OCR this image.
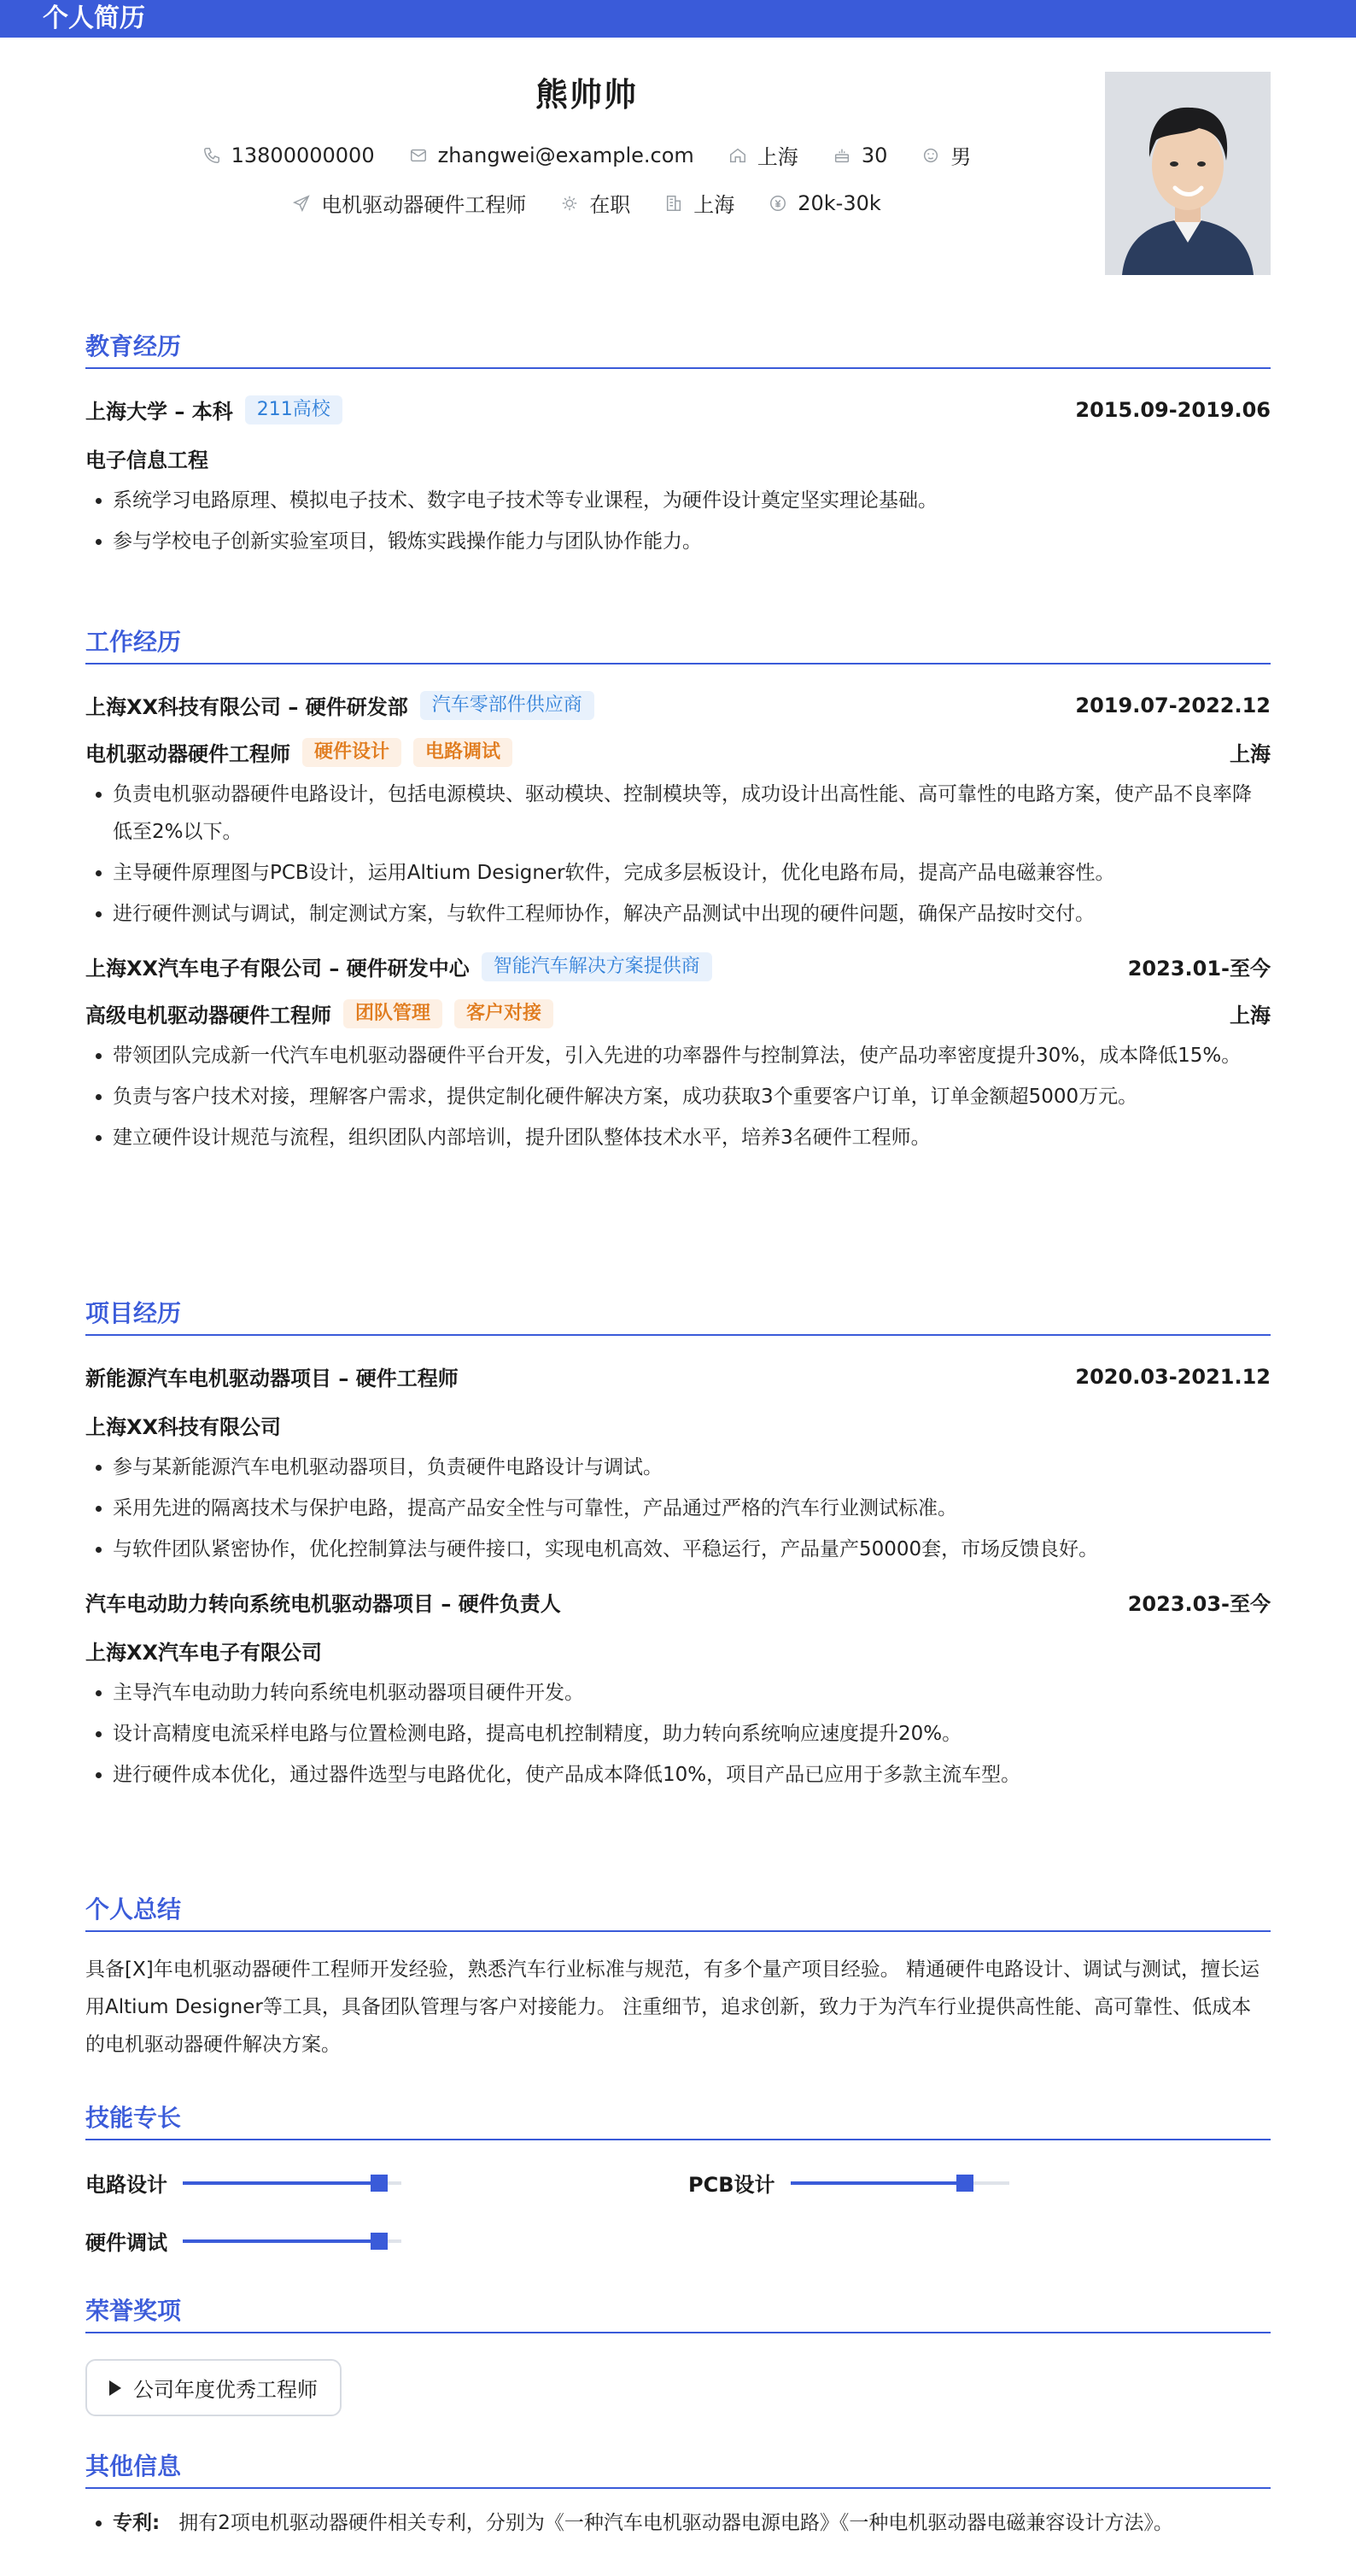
个人简历
熊帅帅
13800000000	zhangwei@example.com	上海	30	男
电机驱动器硬件工程师	在职	上海	20k-30k
教育经历
上海大学 – 本科	211高校	2015.09-2019.06
电子信息工程
• 系统学习电路原理、模拟电子技术、数字电子技术等专业课程，为硬件设计奠定坚实理论基础。
• 参与学校电子创新实验室项目，锻炼实践操作能力与团队协作能力。
工作经历
上海XX科技有限公司 – 硬件研发部	汽车零部件供应商	2019.07-2022.12
电机驱动器硬件工程师	硬件设计	电路调试	上海
• 负责电机驱动器硬件电路设计，包括电源模块、驱动模块、控制模块等，成功设计出高性能、高可靠性的电路方案，使产品不良率降低至2%以下。
• 主导硬件原理图与PCB设计，运用Altium Designer软件，完成多层板设计，优化电路布局，提高产品电磁兼容性。
• 进行硬件测试与调试，制定测试方案，与软件工程师协作，解决产品测试中出现的硬件问题，确保产品按时交付。
上海XX汽车电子有限公司 – 硬件研发中心	智能汽车解决方案提供商	2023.01-至今
高级电机驱动器硬件工程师	团队管理	客户对接	上海
• 带领团队完成新一代汽车电机驱动器硬件平台开发，引入先进的功率器件与控制算法，使产品功率密度提升30%，成本降低15%。
• 负责与客户技术对接，理解客户需求，提供定制化硬件解决方案，成功获取3个重要客户订单，订单金额超5000万元。
• 建立硬件设计规范与流程，组织团队内部培训，提升团队整体技术水平，培养3名硬件工程师。
项目经历
新能源汽车电机驱动器项目 – 硬件工程师	2020.03-2021.12
上海XX科技有限公司
• 参与某新能源汽车电机驱动器项目，负责硬件电路设计与调试。
• 采用先进的隔离技术与保护电路，提高产品安全性与可靠性，产品通过严格的汽车行业测试标准。
• 与软件团队紧密协作，优化控制算法与硬件接口，实现电机高效、平稳运行，产品量产50000套，市场反馈良好。
汽车电动助力转向系统电机驱动器项目 – 硬件负责人	2023.03-至今
上海XX汽车电子有限公司
• 主导汽车电动助力转向系统电机驱动器项目硬件开发。
• 设计高精度电流采样电路与位置检测电路，提高电机控制精度，助力转向系统响应速度提升20%。
• 进行硬件成本优化，通过器件选型与电路优化，使产品成本降低10%，项目产品已应用于多款主流车型。
个人总结
具备[X]年电机驱动器硬件工程师开发经验，熟悉汽车行业标准与规范，有多个量产项目经验。 精通硬件电路设计、调试与测试，擅长运用Altium Designer等工具，具备团队管理与客户对接能力。 注重细节，追求创新，致力于为汽车行业提供高性能、高可靠性、低成本的电机驱动器硬件解决方案。
技能专长
电路设计	PCB设计
硬件调试
荣誉奖项
公司年度优秀工程师
其他信息
• 专利: 拥有2项电机驱动器硬件相关专利，分别为《一种汽车电机驱动器电源电路》《一种电机驱动器电磁兼容设计方法》。
